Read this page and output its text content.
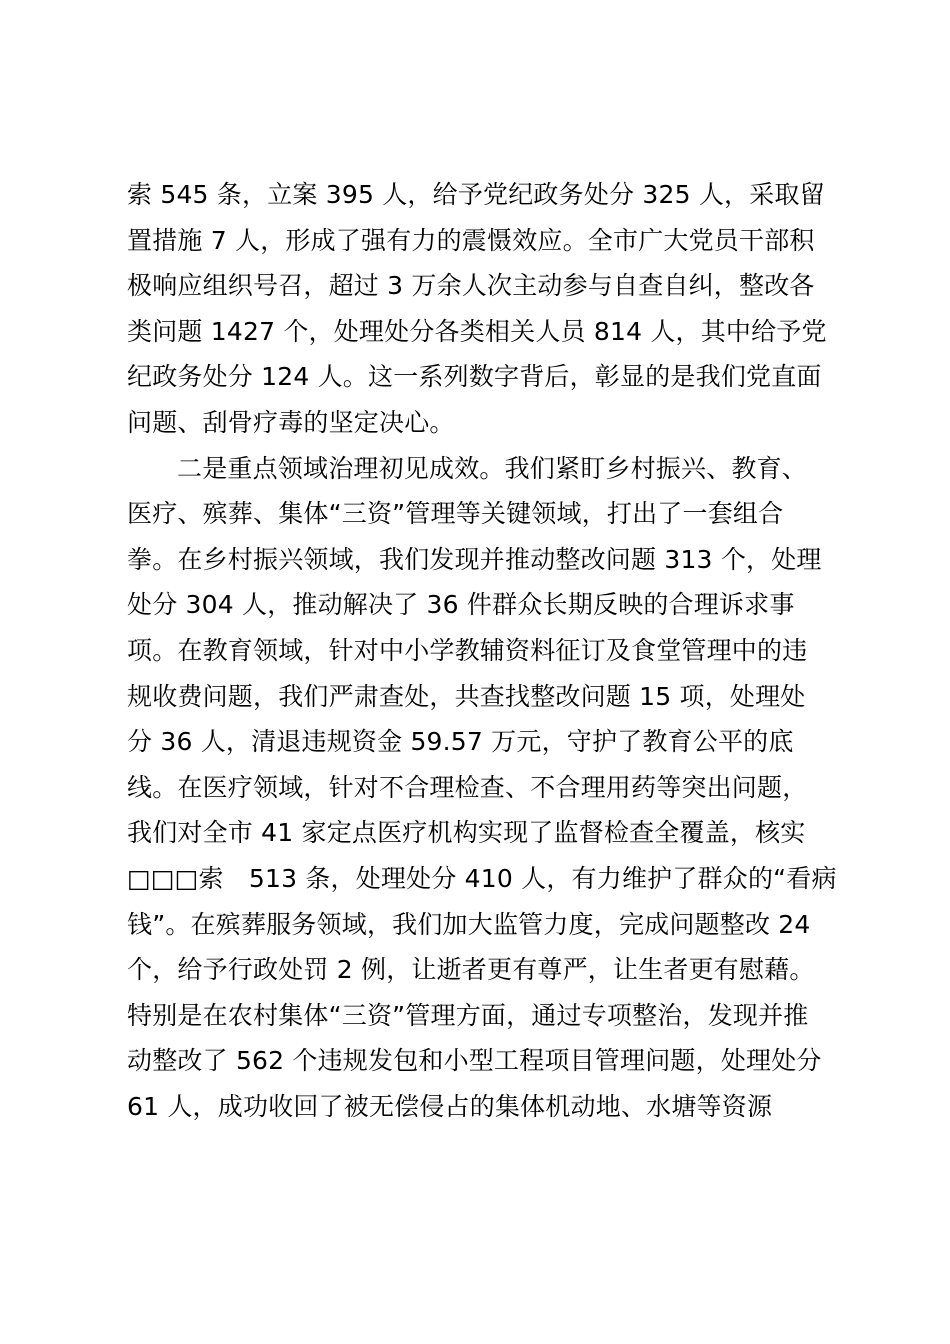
索 545 条，立案 395 人，给予党纪政务处分 325 人，采取留
置措施 7 人，形成了强有力的震慑效应。全市广大党员干部积
极响应组织号召，超过 3 万余人次主动参与自查自纠，整改各
类问题 1427 个，处理处分各类相关人员 814 人，其中给予党
纪政务处分 124 人。这一系列数字背后，彰显的是我们党直面
问题、刮骨疗毒的坚定决心。
二是重点领域治理初见成效。我们紧盯乡村振兴、教育、
医疗、殡葬、集体“三资”管理等关键领域，打出了一套组合
拳。在乡村振兴领域，我们发现并推动整改问题 313 个，处理
处分 304 人，推动解决了 36 件群众长期反映的合理诉求事
项。在教育领域，针对中小学教辅资料征订及食堂管理中的违
规收费问题，我们严肃查处，共查找整改问题 15 项，处理处
分 36 人，清退违规资金 59.57 万元，守护了教育公平的底
线。在医疗领域，针对不合理检查、不合理用药等突出问题，
我们对全市 41 家定点医疗机构实现了监督检查全覆盖，核实
□□□索　513 条，处理处分 410 人，有力维护了群众的“看病
钱”。在殡葬服务领域，我们加大监管力度，完成问题整改 24
个，给予行政处罚 2 例，让逝者更有尊严，让生者更有慰藉。
特别是在农村集体“三资”管理方面，通过专项整治，发现并推
动整改了 562 个违规发包和小型工程项目管理问题，处理处分
61 人，成功收回了被无偿侵占的集体机动地、水塘等资源
